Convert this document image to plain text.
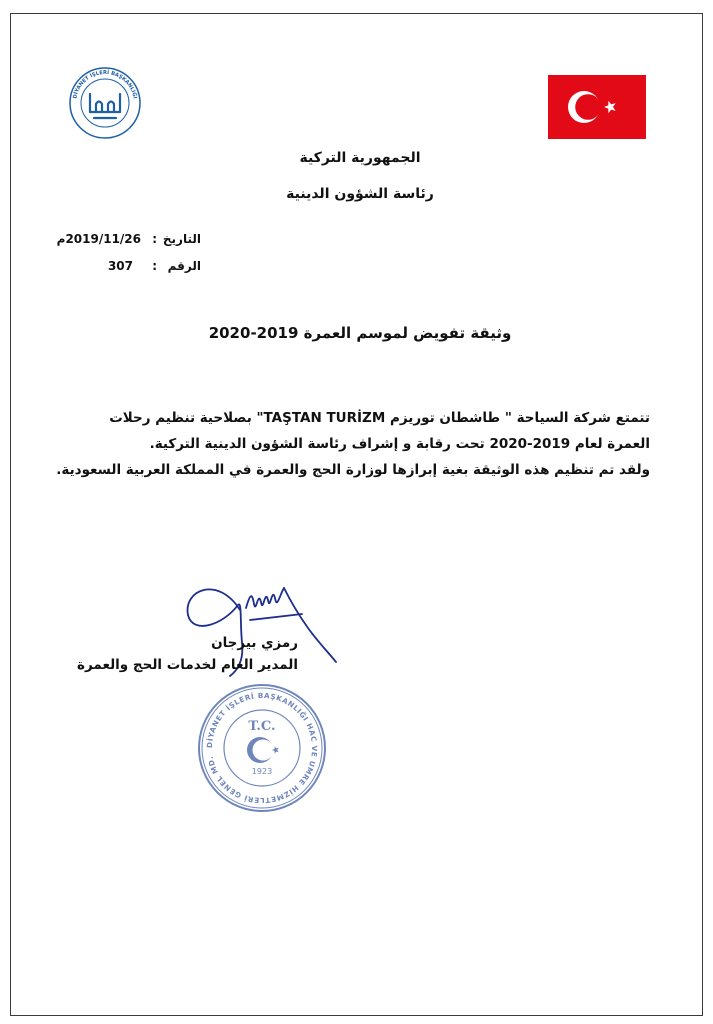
DİYANET İŞLERİ BAŞKANLIĞI
الجمهورية التركية
رئاسة الشؤون الدينية
التاريخ
:
2019/11/26م
الرقم
:
307
وثيقة تفويض لموسم العمرة 2019-2020
تتمتع شركة السياحة " طاشطان توريزم TAŞTAN TURİZM" بصلاحية تنظيم رحلات
العمرة لعام 2019-2020 تحت رقابة و إشراف رئاسة الشؤون الدينية التركية.
ولقد تم تنظيم هذه الوثيقة بغية إبرازها لوزارة الحج والعمرة في المملكة العربية السعودية.
رمزي بيرجان
المدير العام لخدمات الحج والعمرة
DİYANET İŞLERİ BAŞKANLIĞI HAC VE UMRE HİZMETLERİ GENEL MD.
T.C.
1923
